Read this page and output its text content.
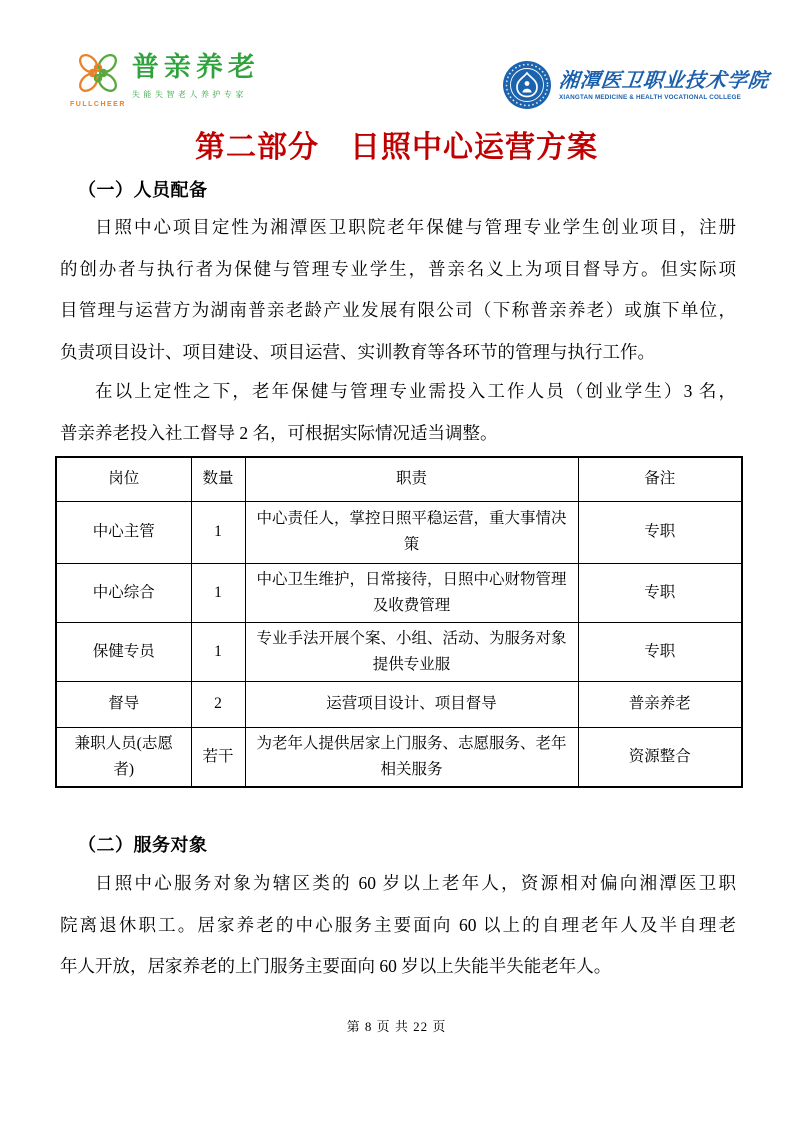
FULLCHEER
普亲养老
失能失智老人养护专家
湘潭医卫职业技术学院
XIANGTAN MEDICINE & HEALTH VOCATIONAL COLLEGE
第二部分　日照中心运营方案
（一）人员配备
日照中心项目定性为湘潭医卫职院老年保健与管理专业学生创业项目，注册
的创办者与执行者为保健与管理专业学生，普亲名义上为项目督导方。但实际项
目管理与运营方为湖南普亲老龄产业发展有限公司（下称普亲养老）或旗下单位，
负责项目设计、项目建设、项目运营、实训教育等各环节的管理与执行工作。
在以上定性之下，老年保健与管理专业需投入工作人员（创业学生）3 名，
普亲养老投入社工督导 2 名，可根据实际情况适当调整。
岗位	数量	职责	备注
中心主管	1	中心责任人，掌控日照平稳运营，重大事情决策	专职
中心综合	1	中心卫生维护，日常接待，日照中心财物管理及收费管理	专职
保健专员	1	专业手法开展个案、小组、活动、为服务对象提供专业服	专职
督导	2	运营项目设计、项目督导	普亲养老
兼职人员(志愿者)	若干	为老年人提供居家上门服务、志愿服务、老年相关服务	资源整合
（二）服务对象
日照中心服务对象为辖区类的 60 岁以上老年人，资源相对偏向湘潭医卫职
院离退休职工。居家养老的中心服务主要面向 60 以上的自理老年人及半自理老
年人开放，居家养老的上门服务主要面向 60 岁以上失能半失能老年人。
第 8 页 共 22 页
